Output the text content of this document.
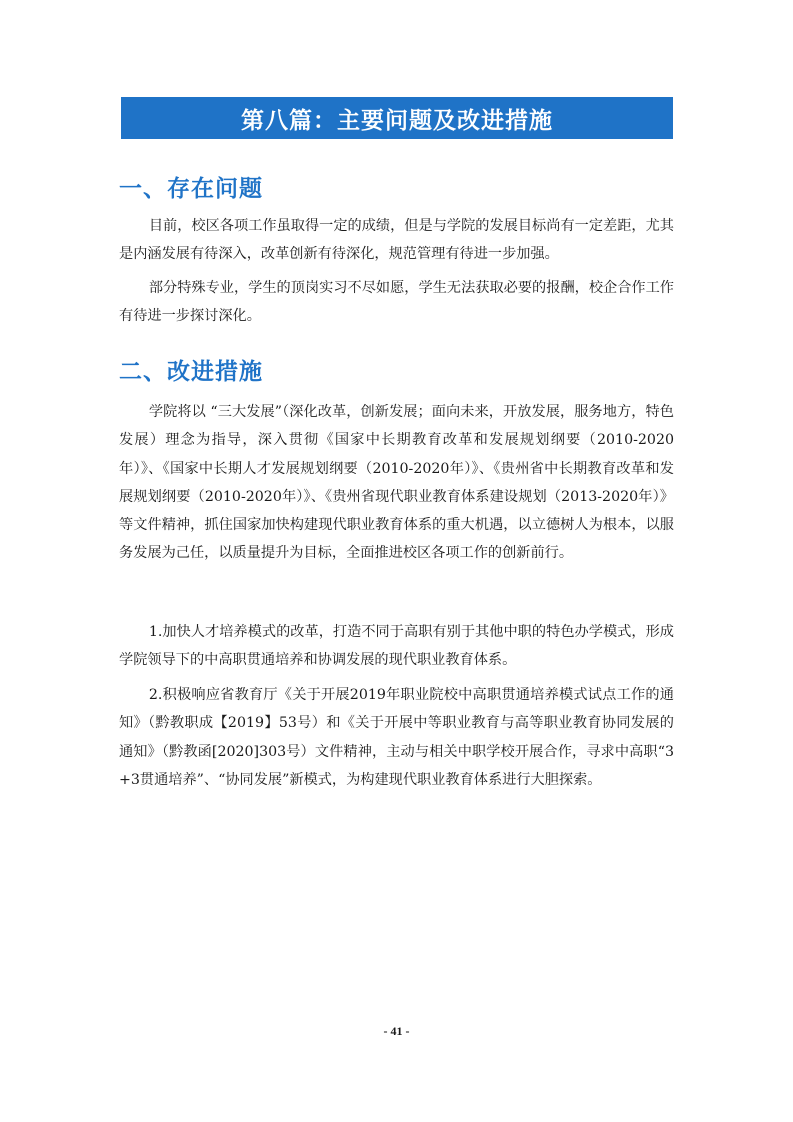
第八篇：主要问题及改进措施
一、存在问题

目前，校区各项工作虽取得一定的成绩，但是与学院的发展目标尚有一定差距，尤其是内涵发展有待深入，改革创新有待深化，规范管理有待进一步加强。

部分特殊专业，学生的顶岗实习不尽如愿，学生无法获取必要的报酬，校企合作工作有待进一步探讨深化。

二、改进措施

学院将以 “三大发展”（深化改革，创新发展；面向未来，开放发展，服务地方，特色发展）理念为指导，深入贯彻《国家中长期教育改革和发展规划纲要（2010-2020年）》、《国家中长期人才发展规划纲要（2010-2020年）》、《贵州省中长期教育改革和发展规划纲要（2010-2020年）》、《贵州省现代职业教育体系建设规划（2013-2020年）》等文件精神，抓住国家加快构建现代职业教育体系的重大机遇，以立德树人为根本，以服务发展为己任，以质量提升为目标，全面推进校区各项工作的创新前行。

1.加快人才培养模式的改革，打造不同于高职有别于其他中职的特色办学模式，形成学院领导下的中高职贯通培养和协调发展的现代职业教育体系。

2.积极响应省教育厅《关于开展2019年职业院校中高职贯通培养模式试点工作的通知》（黔教职成【2019】53号）和《关于开展中等职业教育与高等职业教育协同发展的通知》（黔教函[2020]303号）文件精神，主动与相关中职学校开展合作，寻求中高职“3+3贯通培养”、“协同发展”新模式，为构建现代职业教育体系进行大胆探索。

- 41 -
